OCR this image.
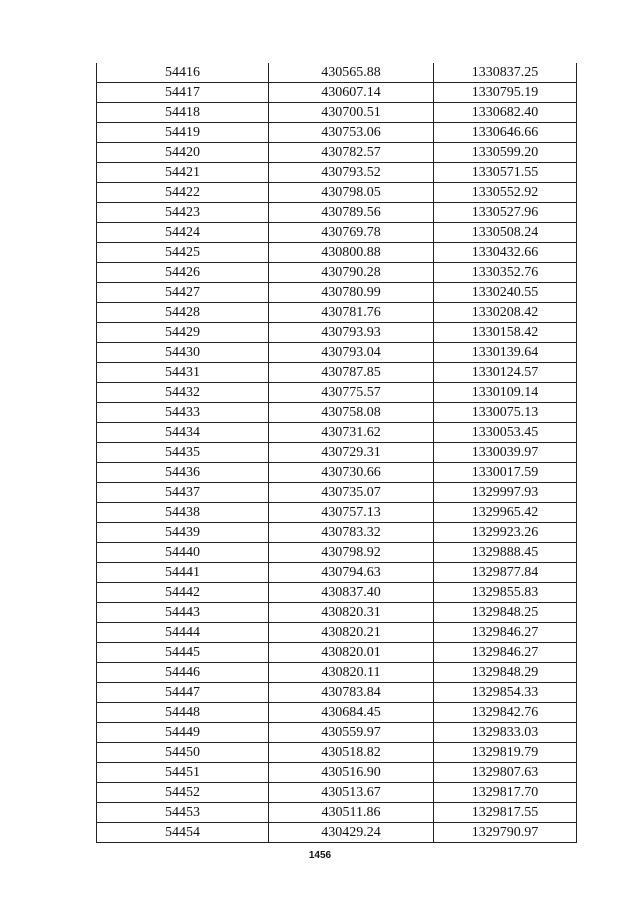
54416	430565.88	1330837.25
54417	430607.14	1330795.19
54418	430700.51	1330682.40
54419	430753.06	1330646.66
54420	430782.57	1330599.20
54421	430793.52	1330571.55
54422	430798.05	1330552.92
54423	430789.56	1330527.96
54424	430769.78	1330508.24
54425	430800.88	1330432.66
54426	430790.28	1330352.76
54427	430780.99	1330240.55
54428	430781.76	1330208.42
54429	430793.93	1330158.42
54430	430793.04	1330139.64
54431	430787.85	1330124.57
54432	430775.57	1330109.14
54433	430758.08	1330075.13
54434	430731.62	1330053.45
54435	430729.31	1330039.97
54436	430730.66	1330017.59
54437	430735.07	1329997.93
54438	430757.13	1329965.42
54439	430783.32	1329923.26
54440	430798.92	1329888.45
54441	430794.63	1329877.84
54442	430837.40	1329855.83
54443	430820.31	1329848.25
54444	430820.21	1329846.27
54445	430820.01	1329846.27
54446	430820.11	1329848.29
54447	430783.84	1329854.33
54448	430684.45	1329842.76
54449	430559.97	1329833.03
54450	430518.82	1329819.79
54451	430516.90	1329807.63
54452	430513.67	1329817.70
54453	430511.86	1329817.55
54454	430429.24	1329790.97
1456
